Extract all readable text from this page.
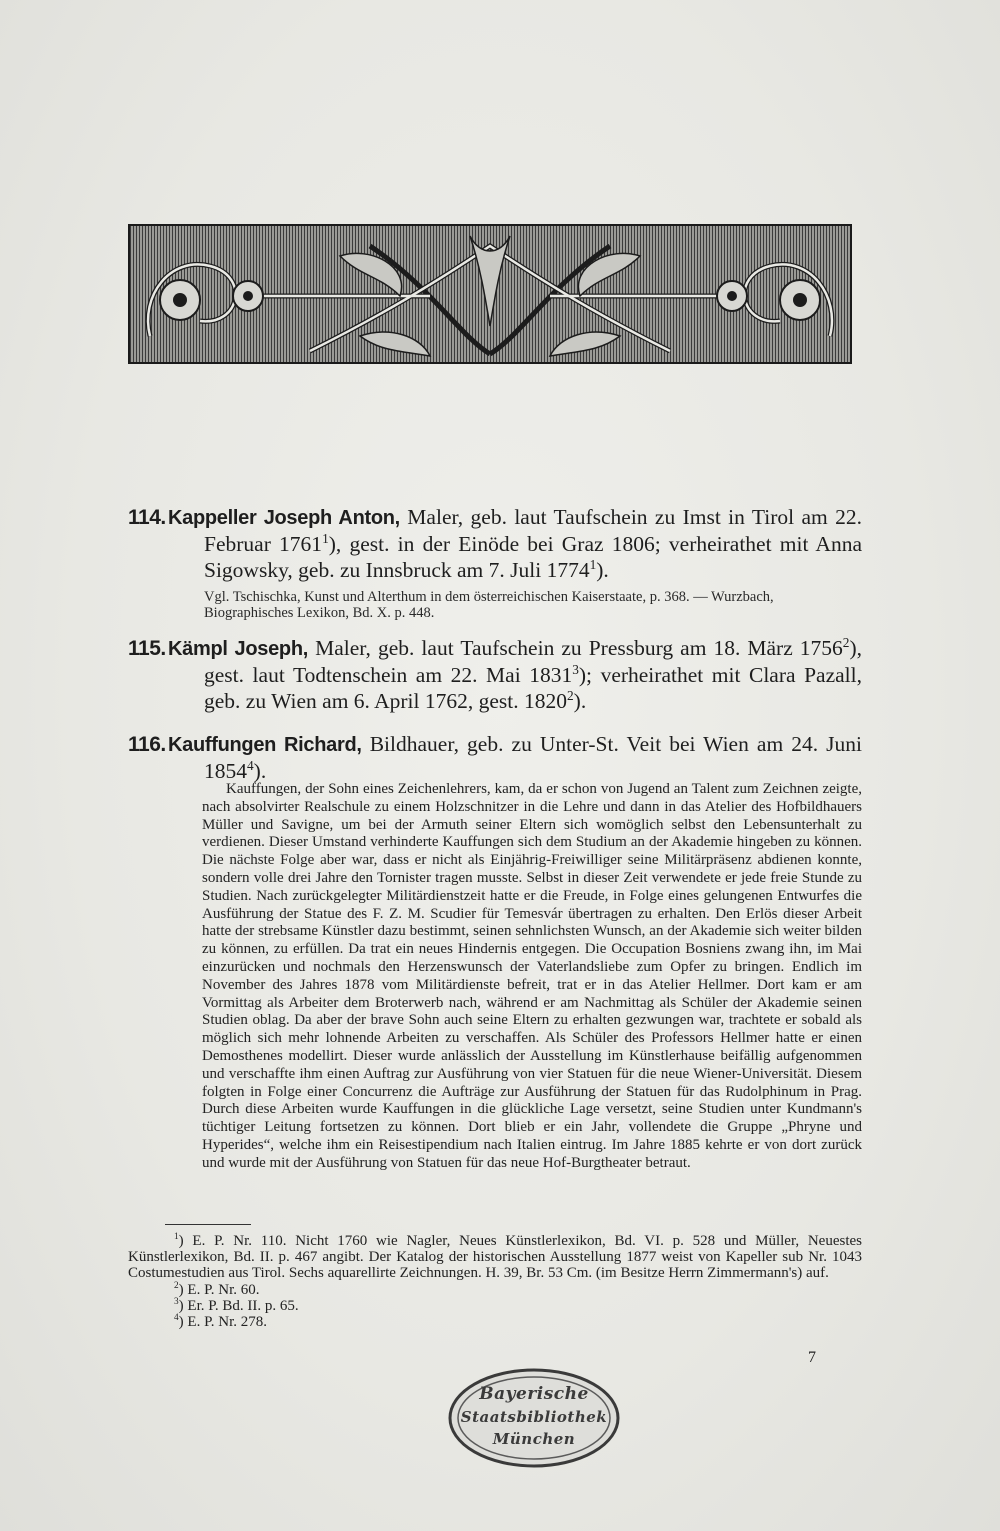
114. Kappeller Joseph Anton, Maler, geb. laut Taufschein zu Imst in Tirol am 22. Februar 1761$^1$), gest. in der Einöde bei Graz 1806; verheirathet mit Anna Sigowsky, geb. zu Innsbruck am 7. Juli 1774$^1$).
Vgl. Tschischka, Kunst und Alterthum in dem österreichischen Kaiserstaate, p. 368. — Wurzbach, Biographisches Lexikon, Bd. X. p. 448.
115. Kämpl Joseph, Maler, geb. laut Taufschein zu Pressburg am 18. März 1756$^2$), gest. laut Todtenschein am 22. Mai 1831$^3$); verheirathet mit Clara Pazall, geb. zu Wien am 6. April 1762, gest. 1820$^2$).
116. Kauffungen Richard, Bildhauer, geb. zu Unter-St. Veit bei Wien am 24. Juni 1854$^4$).
Kauffungen, der Sohn eines Zeichenlehrers, kam, da er schon von Jugend an Talent zum Zeichnen zeigte, nach absolvirter Realschule zu einem Holzschnitzer in die Lehre und dann in das Atelier des Hofbildhauers Müller und Savigne, um bei der Armuth seiner Eltern sich womöglich selbst den Lebensunterhalt zu verdienen. Dieser Umstand verhinderte Kauffungen sich dem Studium an der Akademie hingeben zu können. Die nächste Folge aber war, dass er nicht als Einjährig-Freiwilliger seine Militärpräsenz abdienen konnte, sondern volle drei Jahre den Tornister tragen musste. Selbst in dieser Zeit verwendete er jede freie Stunde zu Studien. Nach zurückgelegter Militärdienstzeit hatte er die Freude, in Folge eines gelungenen Entwurfes die Ausführung der Statue des F. Z. M. Scudier für Temesvár übertragen zu erhalten. Den Erlös dieser Arbeit hatte der strebsame Künstler dazu bestimmt, seinen sehnlichsten Wunsch, an der Akademie sich weiter bilden zu können, zu erfüllen. Da trat ein neues Hindernis entgegen. Die Occupation Bosniens zwang ihn, im Mai einzurücken und nochmals den Herzenswunsch der Vaterlandsliebe zum Opfer zu bringen. Endlich im November des Jahres 1878 vom Militärdienste befreit, trat er in das Atelier Hellmer. Dort kam er am Vormittag als Arbeiter dem Broterwerb nach, während er am Nachmittag als Schüler der Akademie seinen Studien oblag. Da aber der brave Sohn auch seine Eltern zu erhalten gezwungen war, trachtete er sobald als möglich sich mehr lohnende Arbeiten zu verschaffen. Als Schüler des Professors Hellmer hatte er einen Demosthenes modellirt. Dieser wurde anlässlich der Ausstellung im Künstlerhause beifällig aufgenommen und verschaffte ihm einen Auftrag zur Ausführung von vier Statuen für die neue Wiener-Universität. Diesem folgten in Folge einer Concurrenz die Aufträge zur Ausführung der Statuen für das Rudolphinum in Prag. Durch diese Arbeiten wurde Kauffungen in die glückliche Lage versetzt, seine Studien unter Kundmann's tüchtiger Leitung fortsetzen zu können. Dort blieb er ein Jahr, vollendete die Gruppe „Phryne und Hyperides“, welche ihm ein Reisestipendium nach Italien eintrug. Im Jahre 1885 kehrte er von dort zurück und wurde mit der Ausführung von Statuen für das neue Hof-Burgtheater betraut.

$^1$) E. P. Nr. 110. Nicht 1760 wie Nagler, Neues Künstlerlexikon, Bd. VI. p. 528 und Müller, Neuestes Künstlerlexikon, Bd. II. p. 467 angibt. Der Katalog der historischen Ausstellung 1877 weist von Kapeller sub Nr. 1043 Costumestudien aus Tirol. Sechs aquarellirte Zeichnungen. H. 39, Br. 53 Cm. (im Besitze Herrn Zimmermann's) auf.

$^2$) E. P. Nr. 60.

$^3$) Er. P. Bd. II. p. 65.

$^4$) E. P. Nr. 278.

7
Bayerische
Staatsbibliothek
München
